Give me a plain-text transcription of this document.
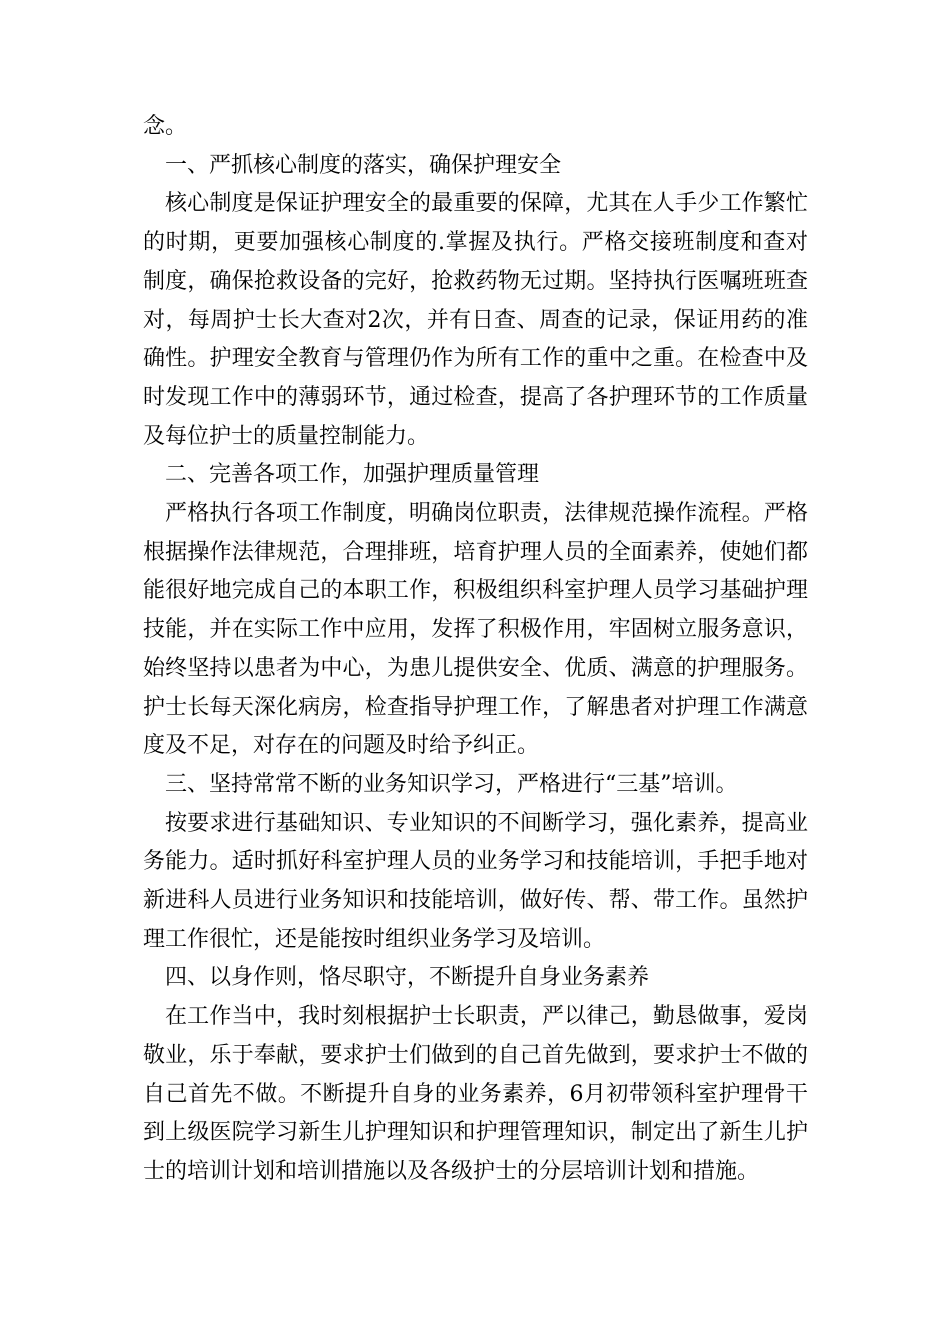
念。

一、严抓核心制度的落实，确保护理安全

核心制度是保证护理安全的最重要的保障，尤其在人手少工作繁忙的时期，更要加强核心制度的.掌握及执行。严格交接班制度和查对制度，确保抢救设备的完好，抢救药物无过期。坚持执行医嘱班班查对，每周护士长大查对2次，并有日查、周查的记录，保证用药的准确性。护理安全教育与管理仍作为所有工作的重中之重。在检查中及时发现工作中的薄弱环节，通过检查，提高了各护理环节的工作质量及每位护士的质量控制能力。

二、完善各项工作，加强护理质量管理

严格执行各项工作制度，明确岗位职责，法律规范操作流程。严格根据操作法律规范，合理排班，培育护理人员的全面素养，使她们都能很好地完成自己的本职工作，积极组织科室护理人员学习基础护理技能，并在实际工作中应用，发挥了积极作用，牢固树立服务意识，始终坚持以患者为中心，为患儿提供安全、优质、满意的护理服务。护士长每天深化病房，检查指导护理工作，了解患者对护理工作满意度及不足，对存在的问题及时给予纠正。

三、坚持常常不断的业务知识学习，严格进行“三基”培训。

按要求进行基础知识、专业知识的不间断学习，强化素养，提高业务能力。适时抓好科室护理人员的业务学习和技能培训，手把手地对新进科人员进行业务知识和技能培训，做好传、帮、带工作。虽然护理工作很忙，还是能按时组织业务学习及培训。

四、以身作则，恪尽职守，不断提升自身业务素养

在工作当中，我时刻根据护士长职责，严以律己，勤恳做事，爱岗敬业，乐于奉献，要求护士们做到的自己首先做到，要求护士不做的自己首先不做。不断提升自身的业务素养，6月初带领科室护理骨干到上级医院学习新生儿护理知识和护理管理知识，制定出了新生儿护士的培训计划和培训措施以及各级护士的分层培训计划和措施。
